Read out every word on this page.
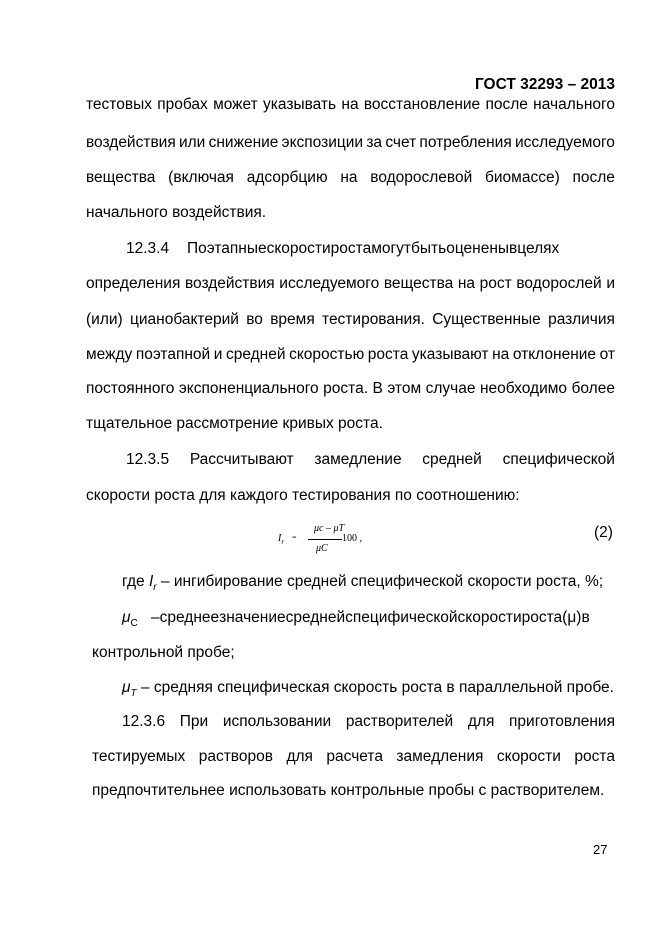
ГОСТ 32293 – 2013
тестовых пробах может указывать на восстановление после начального
воздействия или снижение экспозиции за счет потребления исследуемого
вещества (включая адсорбцию на водорослевой биомассе) после
начального воздействия.
12.3.4 Поэтапныескоростиростамогутбытьоцененывцелях
определения воздействия исследуемого вещества на рост водорослей и
(или) цианобактерий во время тестирования. Существенные различия
между поэтапной и средней скоростью роста указывают на отклонение от
постоянного экспоненциального роста. В этом случае необходимо более
тщательное рассмотрение кривых роста.
12.3.5 Рассчитывают замедление средней специфической
скорости роста для каждого тестирования по соотношению:
$I_r$ =
μc – μT
μC
100 ,	(2)
где $I_r$ – ингибирование средней специфической скорости роста, %;
$\mu_C$ –среднеезначениесреднейспецифическойскоростироста(μ)в
контрольной пробе;
$\mu_T$ – средняя специфическая скорость роста в параллельной пробе.
12.3.6 При использовании растворителей для приготовления
тестируемых растворов для расчета замедления скорости роста
предпочтительнее использовать контрольные пробы с растворителем.
27
